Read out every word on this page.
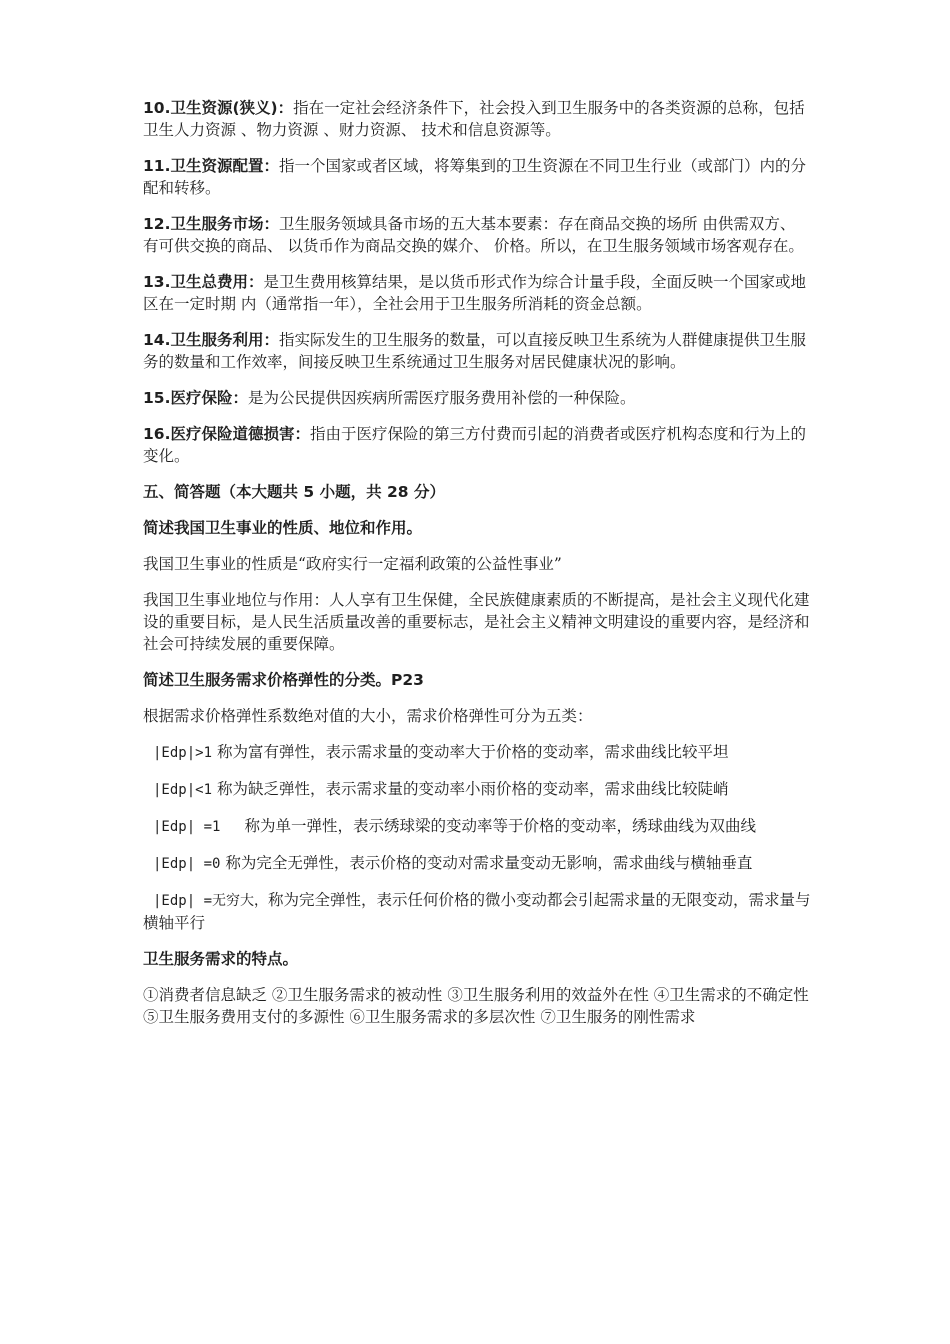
10.卫生资源(狭义)：指在一定社会经济条件下，社会投入到卫生服务中的各类资源的总称，包括卫生人力资源 、物力资源 、财力资源、 技术和信息资源等。

11.卫生资源配置：指一个国家或者区域，将筹集到的卫生资源在不同卫生行业（或部门）内的分配和转移。

12.卫生服务市场：卫生服务领域具备市场的五大基本要素：存在商品交换的场所 由供需双方、 有可供交换的商品、 以货币作为商品交换的媒介、 价格。所以，在卫生服务领域市场客观存在。

13.卫生总费用：是卫生费用核算结果，是以货币形式作为综合计量手段，全面反映一个国家或地区在一定时期 内（通常指一年），全社会用于卫生服务所消耗的资金总额。

14.卫生服务利用：指实际发生的卫生服务的数量，可以直接反映卫生系统为人群健康提供卫生服务的数量和工作效率，间接反映卫生系统通过卫生服务对居民健康状况的影响。

15.医疗保险：是为公民提供因疾病所需医疗服务费用补偿的一种保险。

16.医疗保险道德损害：指由于医疗保险的第三方付费而引起的消费者或医疗机构态度和行为上的变化。

五、简答题（本大题共 5 小题，共 28 分）

简述我国卫生事业的性质、地位和作用。

我国卫生事业的性质是“政府实行一定福利政策的公益性事业”

我国卫生事业地位与作用：人人享有卫生保健，全民族健康素质的不断提高，是社会主义现代化建设的重要目标，是人民生活质量改善的重要标志，是社会主义精神文明建设的重要内容，是经济和社会可持续发展的重要保障。

简述卫生服务需求价格弹性的分类。P23

根据需求价格弹性系数绝对值的大小，需求价格弹性可分为五类：

|Edp|>1 称为富有弹性，表示需求量的变动率大于价格的变动率，需求曲线比较平坦

|Edp|<1 称为缺乏弹性，表示需求量的变动率小雨价格的变动率，需求曲线比较陡峭

|Edp| =1 称为单一弹性，表示绣球梁的变动率等于价格的变动率，绣球曲线为双曲线

|Edp| =0 称为完全无弹性，表示价格的变动对需求量变动无影响，需求曲线与横轴垂直

|Edp| =无穷大，称为完全弹性，表示任何价格的微小变动都会引起需求量的无限变动，需求量与横轴平行

卫生服务需求的特点。

①消费者信息缺乏 ②卫生服务需求的被动性 ③卫生服务利用的效益外在性 ④卫生需求的不确定性 ⑤卫生服务费用支付的多源性 ⑥卫生服务需求的多层次性 ⑦卫生服务的刚性需求
